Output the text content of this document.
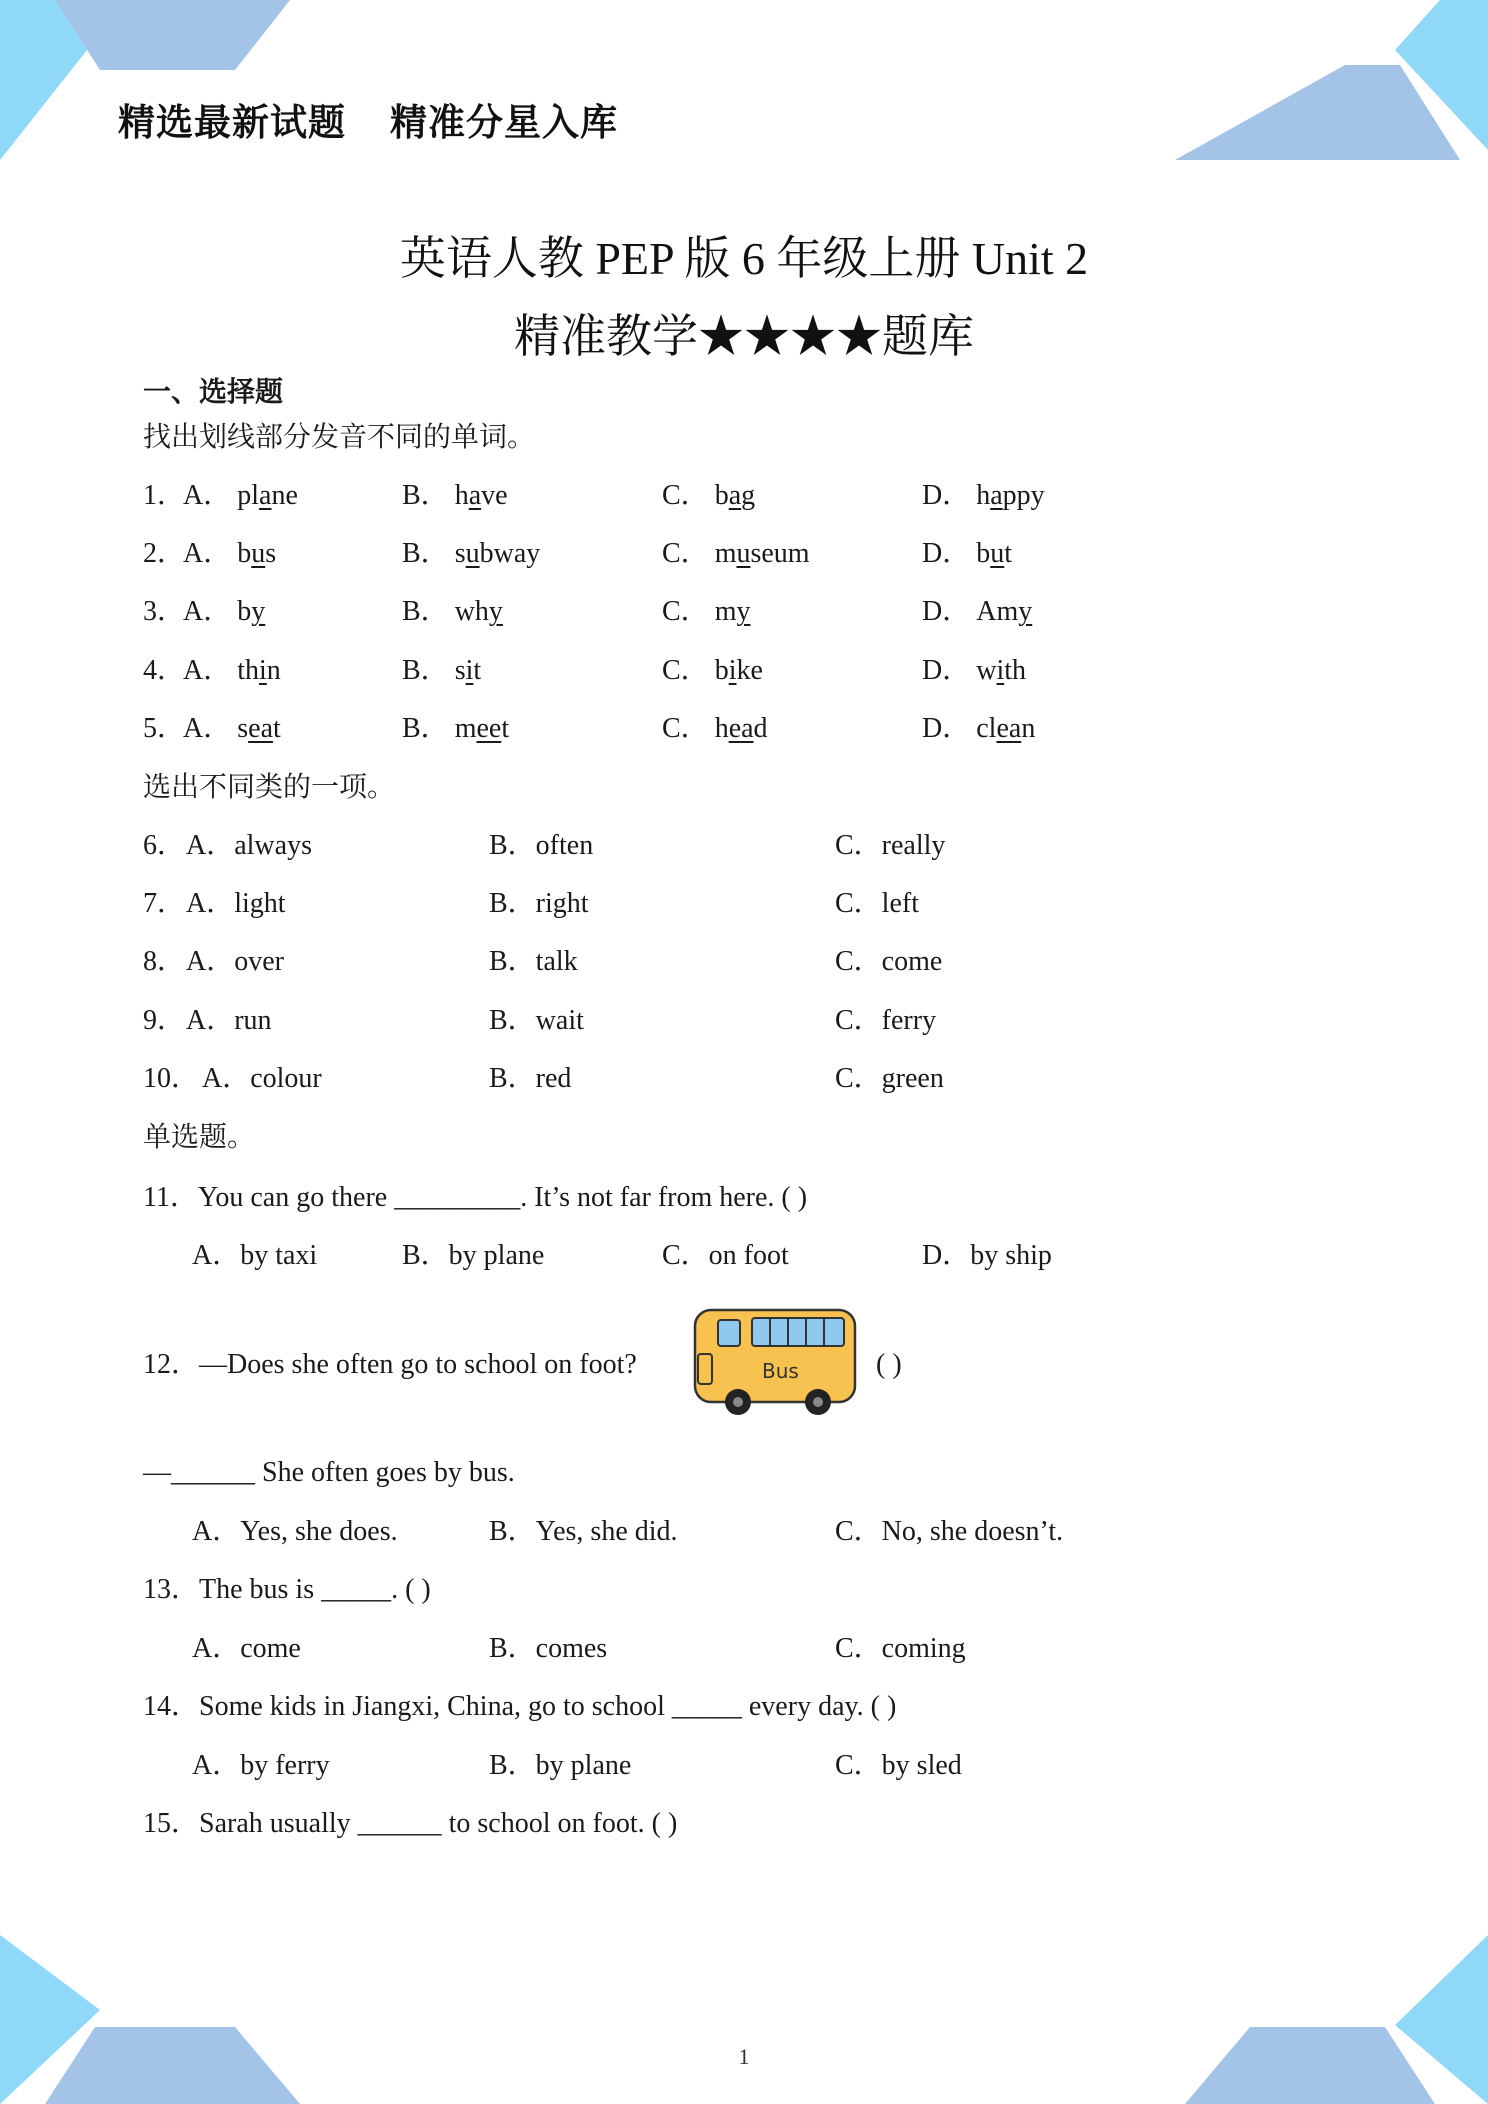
精选最新试题 精准分星入库
英语人教 PEP 版 6 年级上册 Unit 2
精准教学★★★★题库
一、选择题
找出划线部分发音不同的单词。
1．
A． plane	B． have	C． bag	D． happy
2．
A． bus	B． subway	C． museum	D． but
3．
A． by	B． why	C． my	D． Amy
4．
A． thin	B． sit	C． bike	D． with
5．
A． seat	B． meet	C． head	D． clean
选出不同类的一项。
6． A．always	B．often	C．really
7． A．light	B．right	C．left
8． A．over	B．talk	C．come
9． A．run	B．wait	C．ferry
10． A．colour	B．red	C．green
单选题。
11．You can go there _________. It’s not far from here. ( )
A．by taxi	B．by plane	C．on foot	D．by ship
12．—Does she often go to school on foot?	Bus	( )
—______ She often goes by bus.
A．Yes, she does.	B．Yes, she did.	C．No, she doesn’t.
13．The bus is _____. ( )
A．come	B．comes	C．coming
14．Some kids in Jiangxi, China, go to school _____ every day. ( )
A．by ferry	B．by plane	C．by sled
15．Sarah usually ______ to school on foot. ( )
1
